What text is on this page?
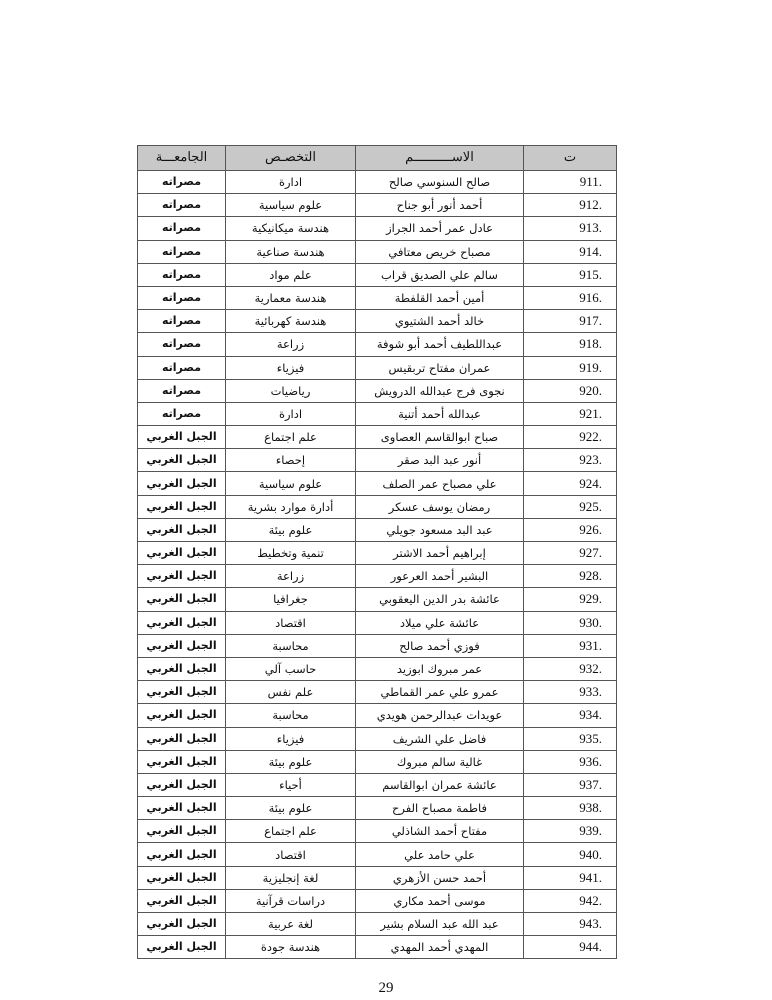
الجامعـــة	التخصـص	الاســــــــــم	ت
مصراته	ادارة	صالح السنوسي صالح	911.
مصراته	علوم سياسية	أحمد أنور أبو جناح	912.
مصراته	هندسة ميكانيكية	عادل عمر أحمد الجراز	913.
مصراته	هندسة صناعية	مصباح خريص معتافي	914.
مصراته	علم مواد	سالم علي الصديق قراب	915.
مصراته	هندسة معمارية	أمين أحمد القلفطة	916.
مصراته	هندسة كهربائية	خالد أحمد الشتيوي	917.
مصراته	زراعة	عبداللطيف أحمد أبو شوفة	918.
مصراته	فيزياء	عمران مفتاح تربقيس	919.
مصراته	رياضيات	نجوى فرج عبدالله الدرويش	920.
مصراته	ادارة	عبدالله أحمد أتنية	921.
الجبل الغربي	علم اجتماع	صباح ابوالقاسم العصاوى	922.
الجبل الغربي	إحصاء	أنور عبد البد صقر	923.
الجبل الغربي	علوم سياسية	علي مصباح عمر الصلف	924.
الجبل الغربي	أدارة موارد بشرية	رمضان يوسف عسكر	925.
الجبل الغربي	علوم بيئة	عبد البد مسعود جويلي	926.
الجبل الغربي	تنمية وتخطيط	إبراهيم أحمد الاشتر	927.
الجبل الغربي	زراعة	البشير أحمد العرعور	928.
الجبل الغربي	جغرافيا	عائشة بدر الدين اليعقوبي	929.
الجبل الغربي	اقتصاد	عائشة علي ميلاد	930.
الجبل الغربي	محاسبة	فوزي أحمد صالح	931.
الجبل الغربي	حاسب آلي	عمر مبروك ابوزيد	932.
الجبل الغربي	علم نفس	عمرو علي عمر القماطي	933.
الجبل الغربي	محاسبة	عويدات عبدالرحمن هويدي	934.
الجبل الغربي	فيزياء	فاضل علي الشريف	935.
الجبل الغربي	علوم بيئة	غالية سالم مبروك	936.
الجبل الغربي	أحياء	عائشة عمران ابوالقاسم	937.
الجبل الغربي	علوم بيئة	فاطمة مصباح الفرح	938.
الجبل الغربي	علم اجتماع	مفتاح أحمد الشاذلي	939.
الجبل الغربي	اقتصاد	علي حامد علي	940.
الجبل الغربي	لغة إنجليزية	أحمد حسن الأزهري	941.
الجبل الغربي	دراسات قرآنية	موسى أحمد مكاري	942.
الجبل الغربي	لغة عربية	عبد الله عبد السلام بشير	943.
الجبل الغربي	هندسة جودة	المهدي أحمد المهدي	944.
29
